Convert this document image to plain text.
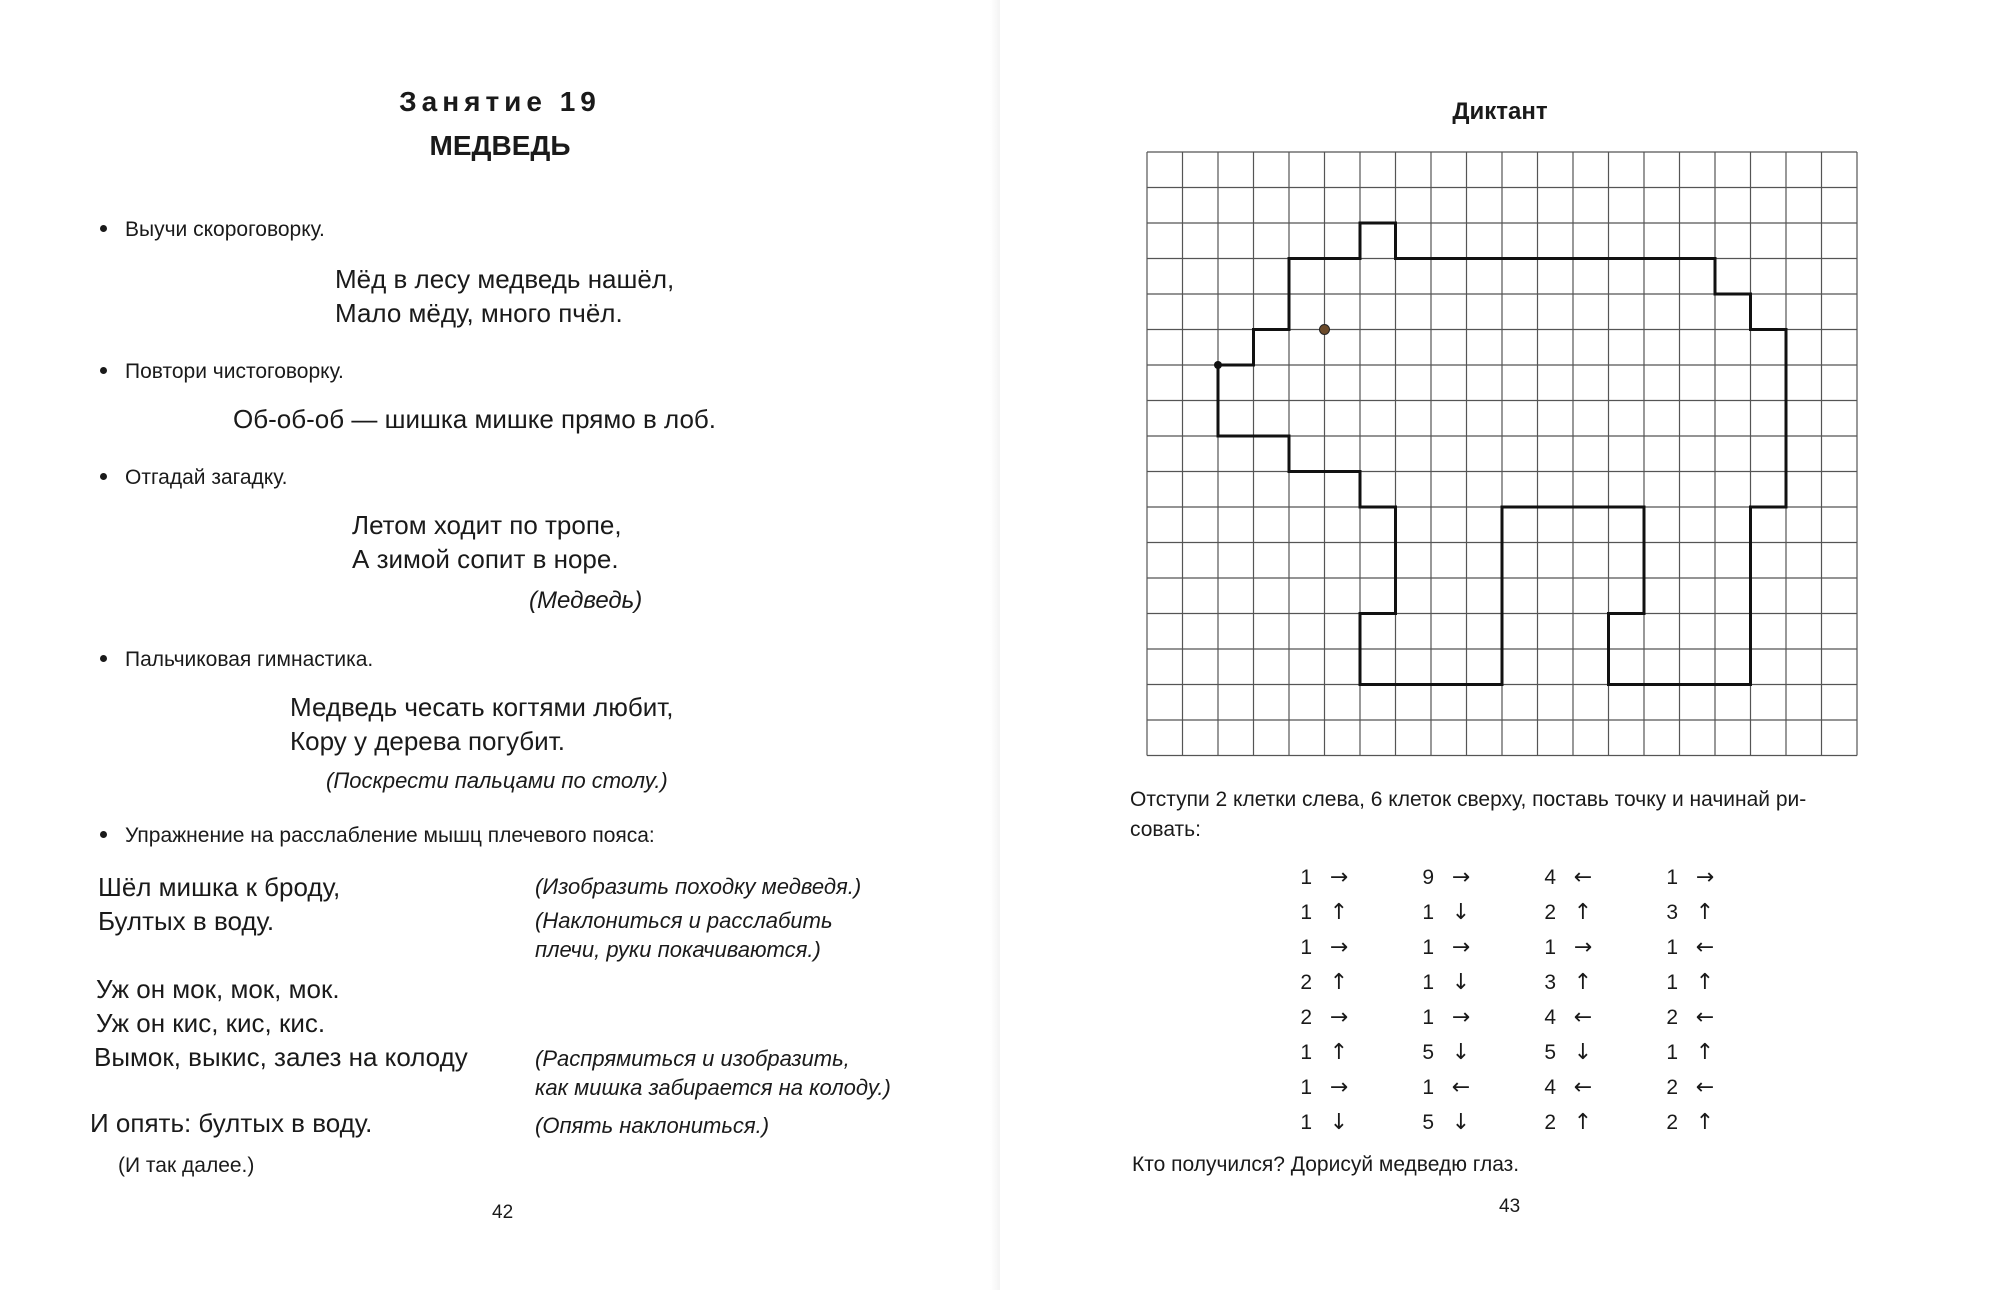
Занятие 19
МЕДВЕДЬ
Выучи скороговорку.
Мёд в лесу медведь нашёл,
Мало мёду, много пчёл.
Повтори чистоговорку.
Об-об-об — шишка мишке прямо в лоб.
Отгадай загадку.
Летом ходит по тропе,
А зимой сопит в норе.
(Медведь)
Пальчиковая гимнастика.
Медведь чесать когтями любит,
Кору у дерева погубит.
(Поскрести пальцами по столу.)
Упражнение на расслабление мышц плечевого пояса:
Шёл мишка к броду,
Бултых в воду.
Уж он мок, мок, мок.
Уж он кис, кис, кис.
Вымок, выкис, залез на колоду
И опять: бултых в воду.
(Изобразить походку медведя.)
(Наклониться и расслабить
плечи, руки покачиваются.)
(Распрямиться и изобразить,
как мишка забирается на колоду.)
(Опять наклониться.)
(И так далее.)
42
Диктант
Отступи 2 клетки слева, 6 клеток сверху, поставь точку и начинай ри-
совать:
1 →
1 ↑
1 →
2 ↑
2 →
1 ↑
1 →
1 ↓
9 →
1 ↓
1 →
1 ↓
1 →
5 ↓
1 ←
5 ↓
4 ←
2 ↑
1 →
3 ↑
4 ←
5 ↓
4 ←
2 ↑
1 →
3 ↑
1 ←
1 ↑
2 ←
1 ↑
2 ←
2 ↑
Кто получился? Дорисуй медведю глаз.
43
